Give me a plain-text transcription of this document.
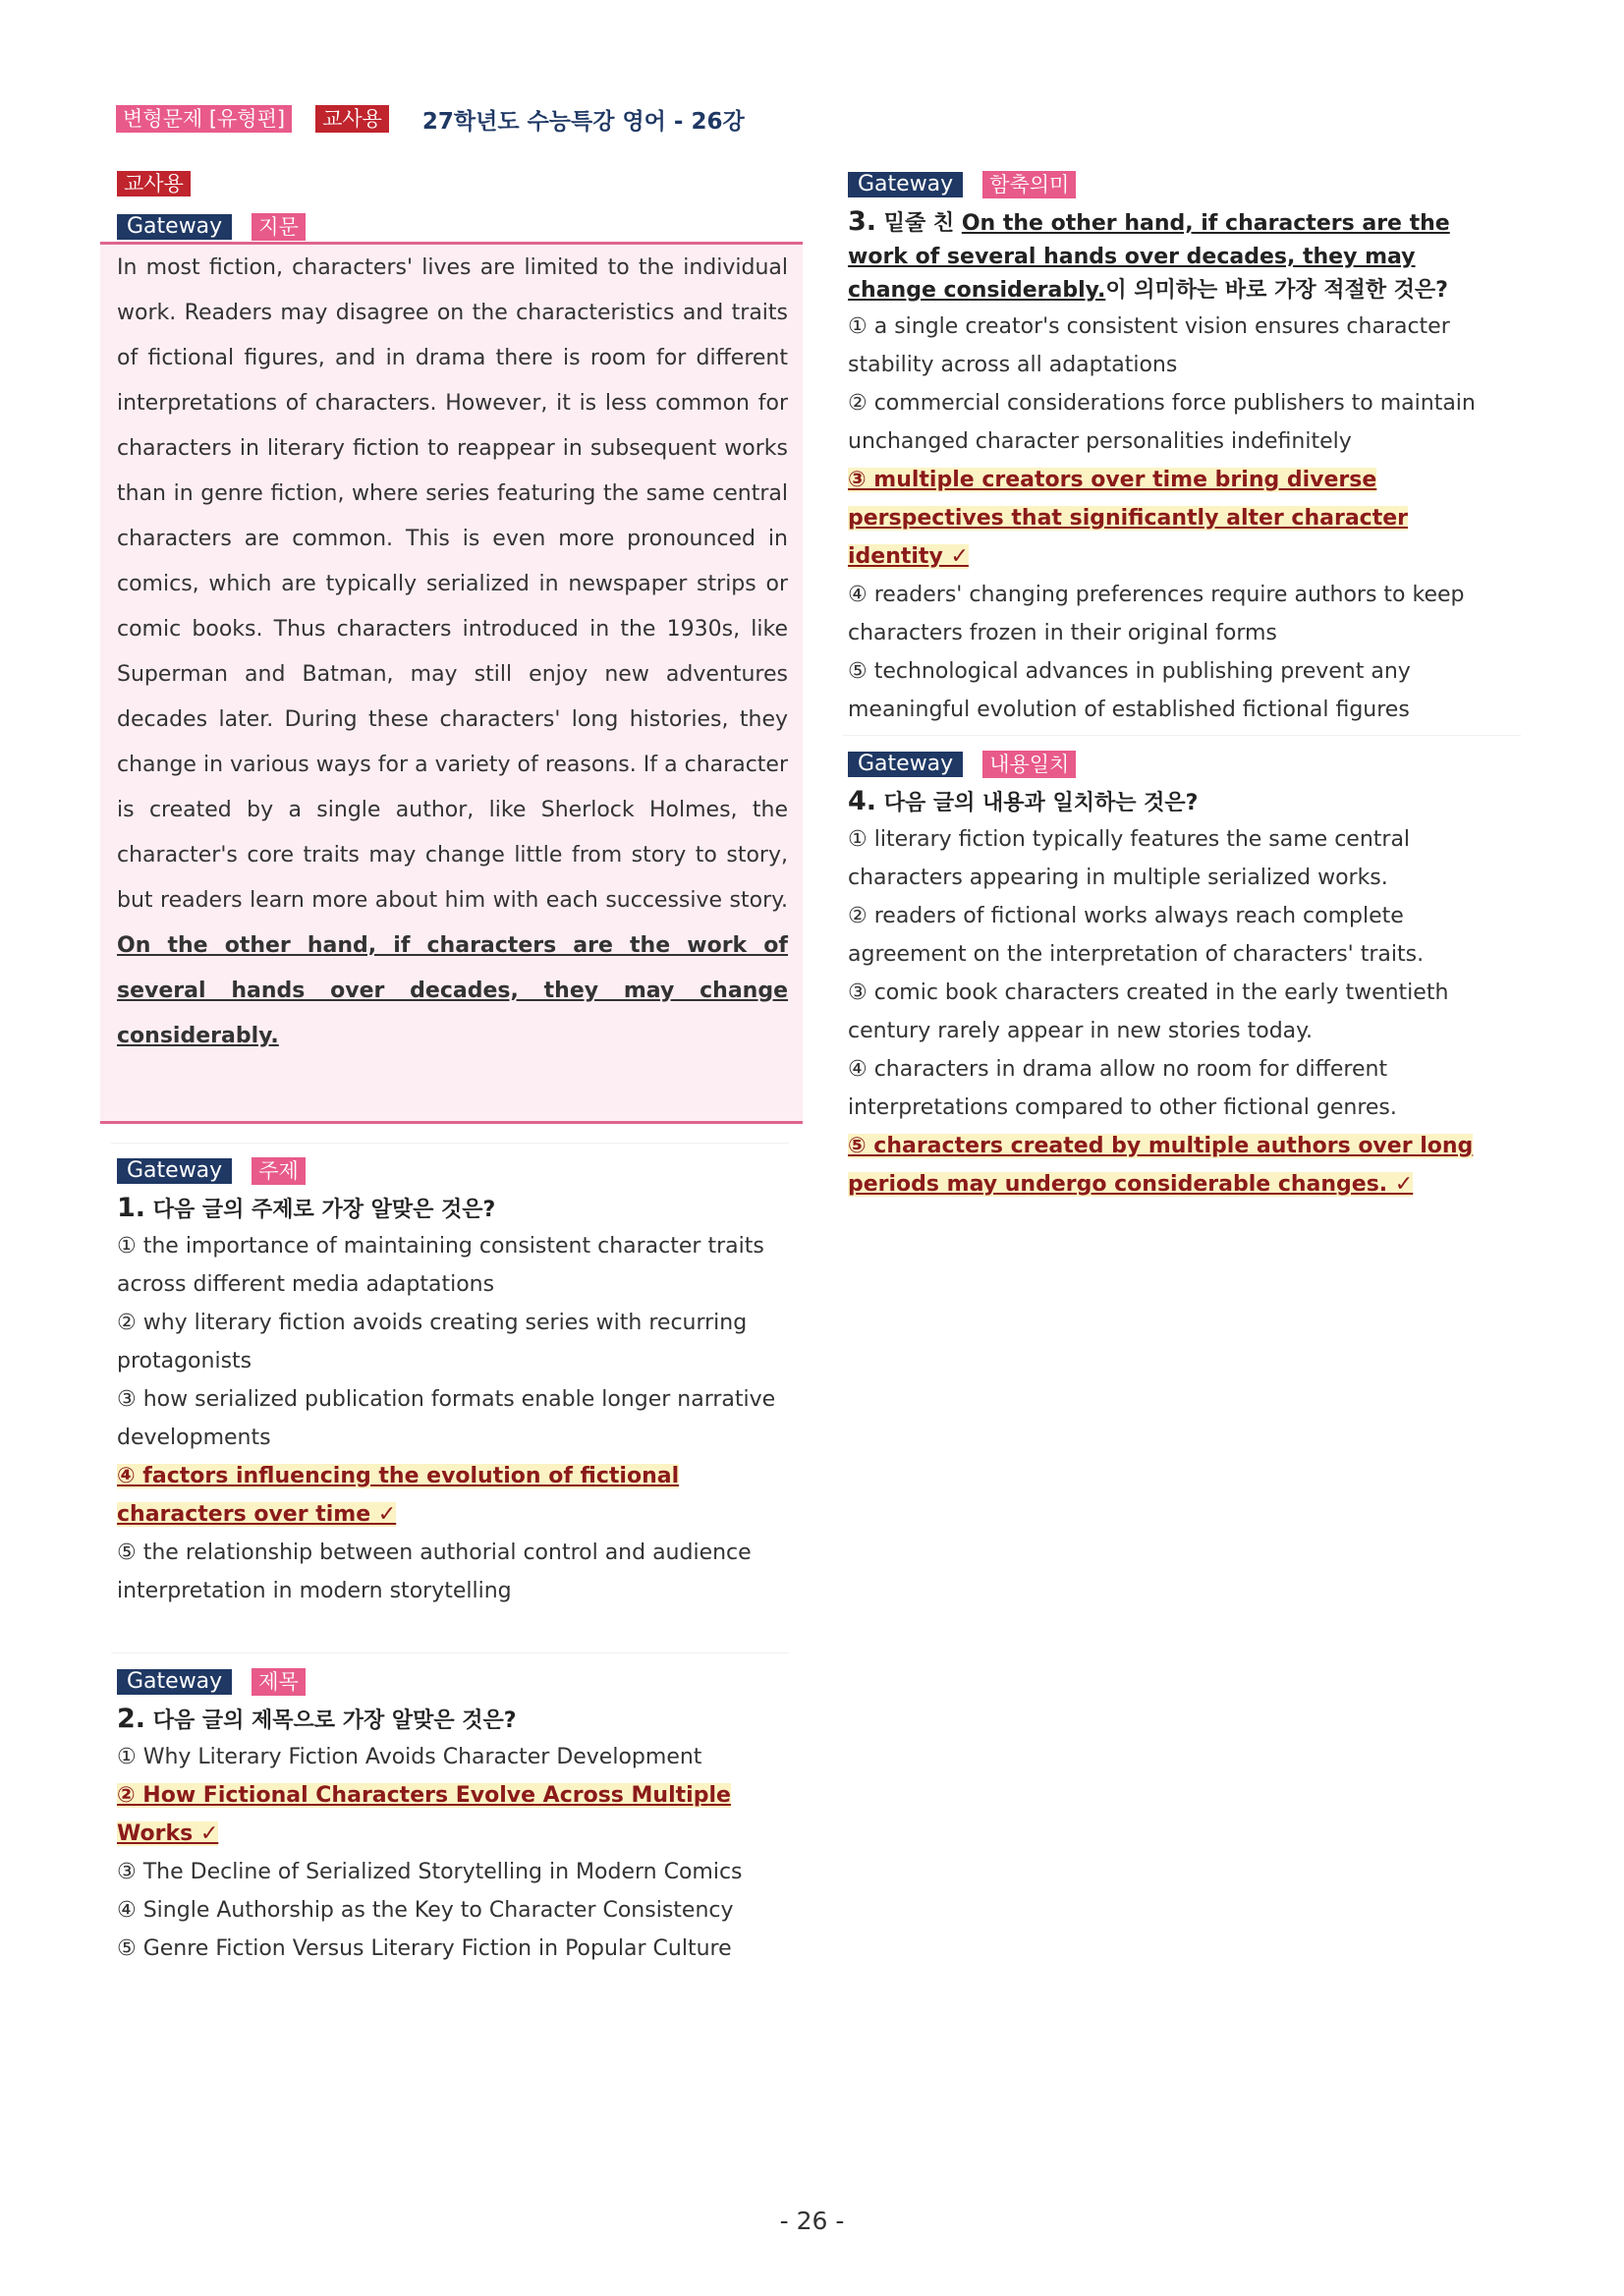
변형문제 [유형편]	교사용	27학년도 수능특강 영어 - 26강
교사용
Gateway	지문

In most fiction, characters' lives are limited to the individual work. Readers may disagree on the characteristics and traits of fictional figures, and in drama there is room for different interpretations of characters. However, it is less common for characters in literary fiction to reappear in subsequent works than in genre fiction, where series featuring the same central characters are common. This is even more pronounced in comics, which are typically serialized in newspaper strips or comic books. Thus characters introduced in the 1930s, like Superman and Batman, may still enjoy new adventures decades later. During these characters' long histories, they change in various ways for a variety of reasons. If a character is created by a single author, like Sherlock Holmes, the character's core traits may change little from story to story, but readers learn more about him with each successive story. On the other hand, if characters are the work of several hands over decades, they may change considerably.

Gateway	주제

1. 다음 글의 주제로 가장 알맞은 것은?

① the importance of maintaining consistent character traits across different media adaptations

② why literary fiction avoids creating series with recurring protagonists

③ how serialized publication formats enable longer narrative developments

④ factors influencing the evolution of fictional characters over time ✓

⑤ the relationship between authorial control and audience interpretation in modern storytelling

Gateway	제목

2. 다음 글의 제목으로 가장 알맞은 것은?

① Why Literary Fiction Avoids Character Development

② How Fictional Characters Evolve Across Multiple Works ✓

③ The Decline of Serialized Storytelling in Modern Comics

④ Single Authorship as the Key to Character Consistency

⑤ Genre Fiction Versus Literary Fiction in Popular Culture

Gateway	함축의미

3. 밑줄 친 On the other hand, if characters are the work of several hands over decades, they may change considerably.이 의미하는 바로 가장 적절한 것은?

① a single creator's consistent vision ensures character stability across all adaptations

② commercial considerations force publishers to maintain unchanged character personalities indefinitely

③ multiple creators over time bring diverse perspectives that significantly alter character identity ✓

④ readers' changing preferences require authors to keep characters frozen in their original forms

⑤ technological advances in publishing prevent any meaningful evolution of established fictional figures

Gateway	내용일치

4. 다음 글의 내용과 일치하는 것은?

① literary fiction typically features the same central characters appearing in multiple serialized works.

② readers of fictional works always reach complete agreement on the interpretation of characters' traits.

③ comic book characters created in the early twentieth century rarely appear in new stories today.

④ characters in drama allow no room for different interpretations compared to other fictional genres.

⑤ characters created by multiple authors over long periods may undergo considerable changes. ✓

- 26 -
